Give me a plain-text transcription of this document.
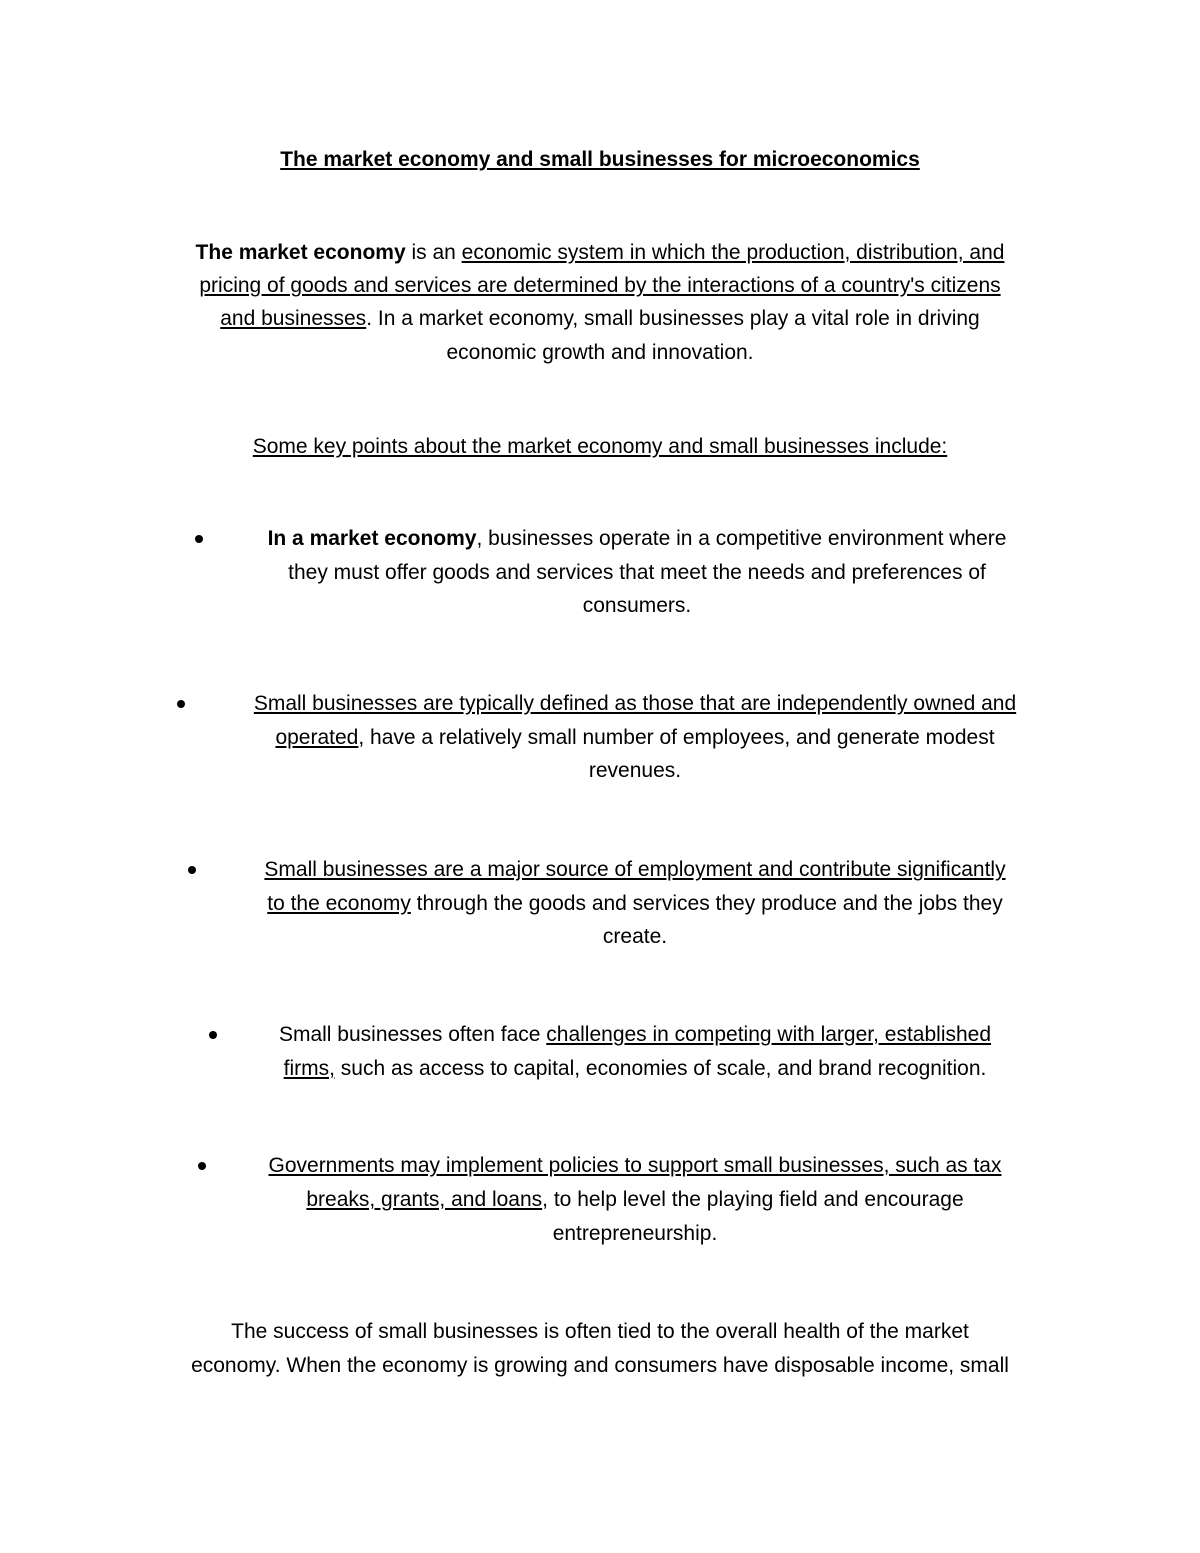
The market economy and small businesses for microeconomics
The market economy is an economic system in which the production, distribution, and
pricing of goods and services are determined by the interactions of a country's citizens
and businesses. In a market economy, small businesses play a vital role in driving
economic growth and innovation.
Some key points about the market economy and small businesses include:
In a market economy, businesses operate in a competitive environment where
they must offer goods and services that meet the needs and preferences of
consumers.
Small businesses are typically defined as those that are independently owned and
operated, have a relatively small number of employees, and generate modest
revenues.
Small businesses are a major source of employment and contribute significantly
to the economy through the goods and services they produce and the jobs they
create.
Small businesses often face challenges in competing with larger, established
firms, such as access to capital, economies of scale, and brand recognition.
Governments may implement policies to support small businesses, such as tax
breaks, grants, and loans, to help level the playing field and encourage
entrepreneurship.
The success of small businesses is often tied to the overall health of the market
economy. When the economy is growing and consumers have disposable income, small
